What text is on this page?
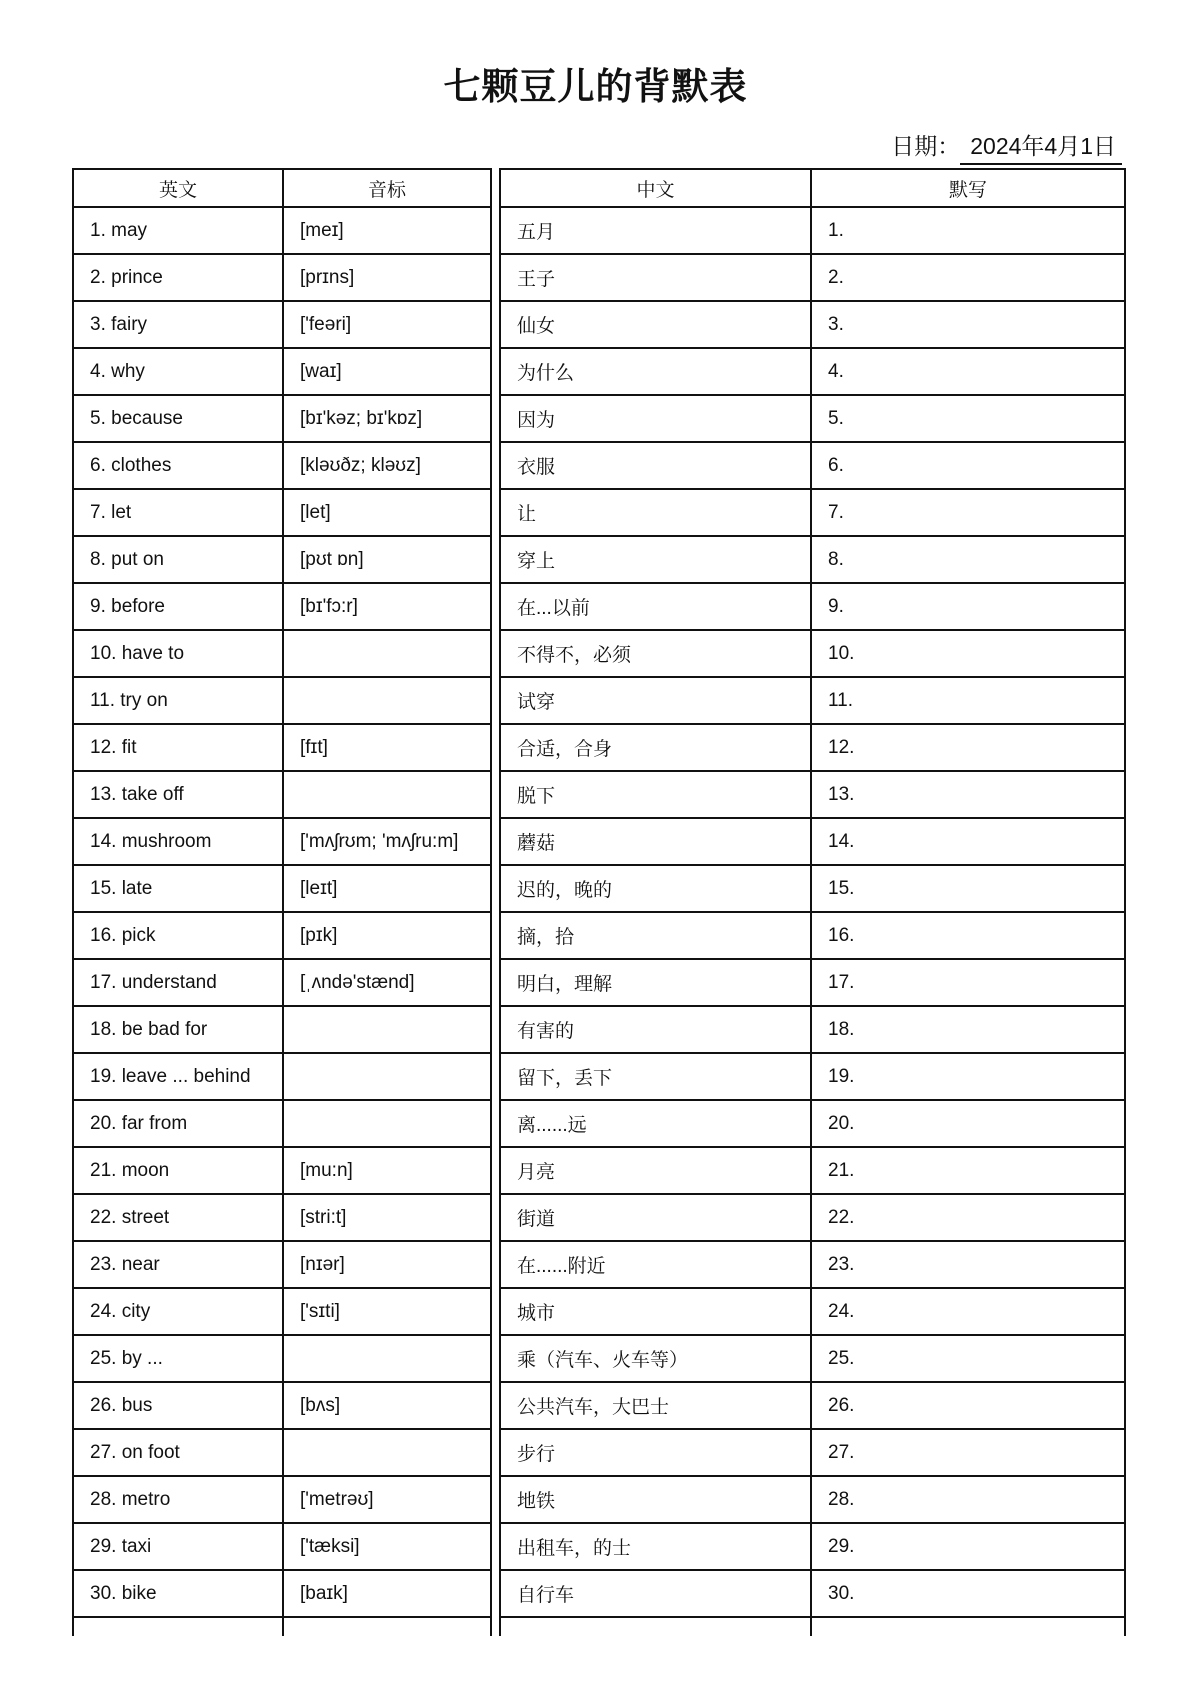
七颗豆儿的背默表
日期： 2024年4月1日
英文	音标
1. may	[meɪ]
2. prince	[prɪns]
3. fairy	['feəri]
4. why	[waɪ]
5. because	[bɪ'kəz; bɪ'kɒz]
6. clothes	[kləʊðz; kləʊz]
7. let	[let]
8. put on	[pʊt ɒn]
9. before	[bɪ'fɔ:r]
10. have to	
11. try on	
12. fit	[fɪt]
13. take off	
14. mushroom	['mʌʃrʊm; 'mʌʃru:m]
15. late	[leɪt]
16. pick	[pɪk]
17. understand	[ˌʌndə'stænd]
18. be bad for	
19. leave ... behind	
20. far from	
21. moon	[mu:n]
22. street	[stri:t]
23. near	[nɪər]
24. city	['sɪti]
25. by ...	
26. bus	[bʌs]
27. on foot	
28. metro	['metrəʊ]
29. taxi	['tæksi]
30. bike	[baɪk]

中文	默写
五月	1.
王子	2.
仙女	3.
为什么	4.
因为	5.
衣服	6.
让	7.
穿上	8.
在...以前	9.
不得不，必须	10.
试穿	11.
合适，合身	12.
脱下	13.
蘑菇	14.
迟的，晚的	15.
摘，拾	16.
明白，理解	17.
有害的	18.
留下，丢下	19.
离......远	20.
月亮	21.
街道	22.
在......附近	23.
城市	24.
乘（汽车、火车等）	25.
公共汽车，大巴士	26.
步行	27.
地铁	28.
出租车，的士	29.
自行车	30.
